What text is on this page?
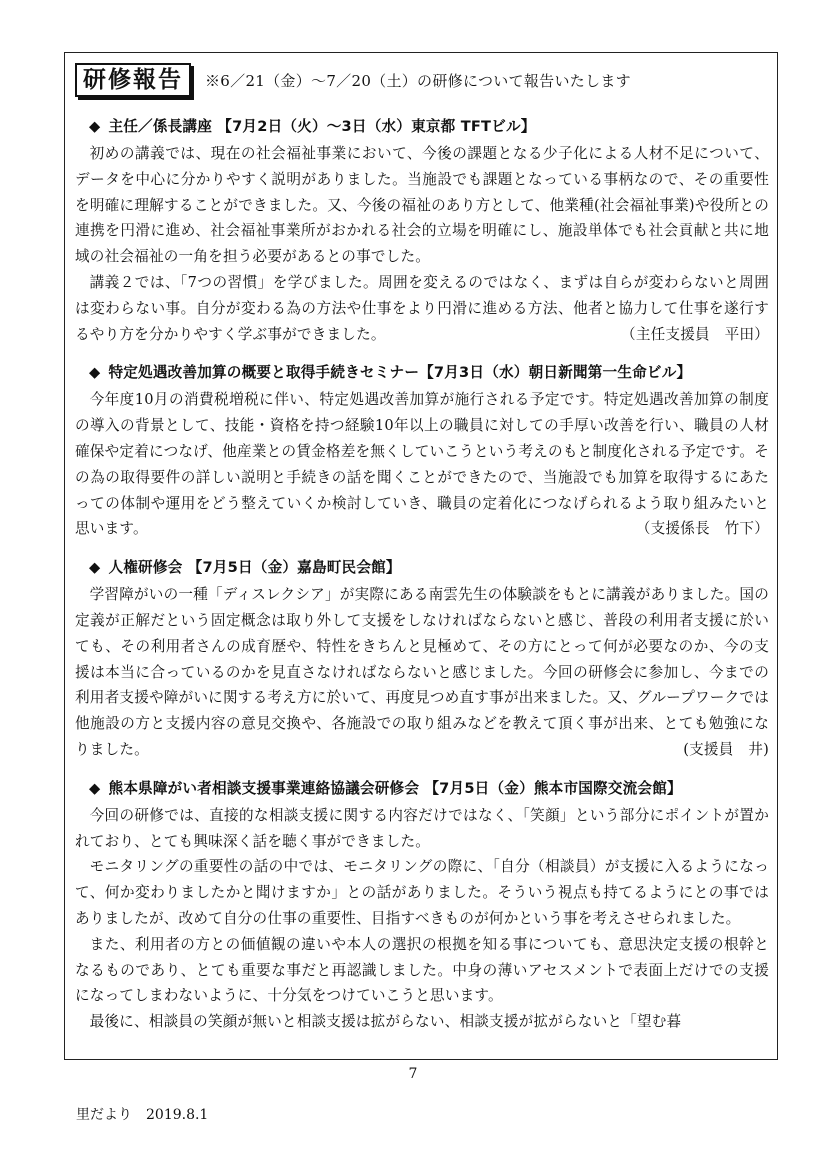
研修報告	※6／21（金）～7／20（土）の研修について報告いたします
◆ 主任／係長講座 【7月2日（火）～3日（水）東京都 TFTビル】
初めの講義では、現在の社会福祉事業において、今後の課題となる少子化による人材不足について、データを中心に分かりやすく説明がありました。当施設でも課題となっている事柄なので、その重要性を明確に理解することができました。又、今後の福祉のあり方として、他業種(社会福祉事業)や役所との連携を円滑に進め、社会福祉事業所がおかれる社会的立場を明確にし、施設単体でも社会貢献と共に地域の社会福祉の一角を担う必要があるとの事でした。
講義２では、「7つの習慣」を学びました。周囲を変えるのではなく、まずは自らが変わらないと周囲は変わらない事。自分が変わる為の方法や仕事をより円滑に進める方法、他者と協力して仕事を遂行するやり方を分かりやすく学ぶ事ができました。	（主任支援員　平田）
◆ 特定処遇改善加算の概要と取得手続きセミナー【7月3日（水）朝日新聞第一生命ビル】
今年度10月の消費税増税に伴い、特定処遇改善加算が施行される予定です。特定処遇改善加算の制度の導入の背景として、技能・資格を持つ経験10年以上の職員に対しての手厚い改善を行い、職員の人材確保や定着につなげ、他産業との賃金格差を無くしていこうという考えのもと制度化される予定です。その為の取得要件の詳しい説明と手続きの話を聞くことができたので、当施設でも加算を取得するにあたっての体制や運用をどう整えていくか検討していき、職員の定着化につなげられるよう取り組みたいと思います。	（支援係長　竹下）
◆ 人権研修会 【7月5日（金）嘉島町民会館】
学習障がいの一種「ディスレクシア」が実際にある南雲先生の体験談をもとに講義がありました。国の定義が正解だという固定概念は取り外して支援をしなければならないと感じ、普段の利用者支援に於いても、その利用者さんの成育歴や、特性をきちんと見極めて、その方にとって何が必要なのか、今の支援は本当に合っているのかを見直さなければならないと感じました。今回の研修会に参加し、今までの利用者支援や障がいに関する考え方に於いて、再度見つめ直す事が出来ました。又、グループワークでは他施設の方と支援内容の意見交換や、各施設での取り組みなどを教えて頂く事が出来、とても勉強になりました。	(支援員　井)
◆ 熊本県障がい者相談支援事業連絡協議会研修会 【7月5日（金）熊本市国際交流会館】
今回の研修では、直接的な相談支援に関する内容だけではなく、「笑顔」という部分にポイントが置かれており、とても興味深く話を聴く事ができました。
モニタリングの重要性の話の中では、モニタリングの際に、「自分（相談員）が支援に入るようになって、何か変わりましたかと聞けますか」との話がありました。そういう視点も持てるようにとの事ではありましたが、改めて自分の仕事の重要性、目指すべきものが何かという事を考えさせられました。
また、利用者の方との価値観の違いや本人の選択の根拠を知る事についても、意思決定支援の根幹となるものであり、とても重要な事だと再認識しました。中身の薄いアセスメントで表面上だけでの支援になってしまわないように、十分気をつけていこうと思います。
最後に、相談員の笑顔が無いと相談支援は拡がらない、相談支援が拡がらないと「望む暮
7
里だより　2019.8.1
